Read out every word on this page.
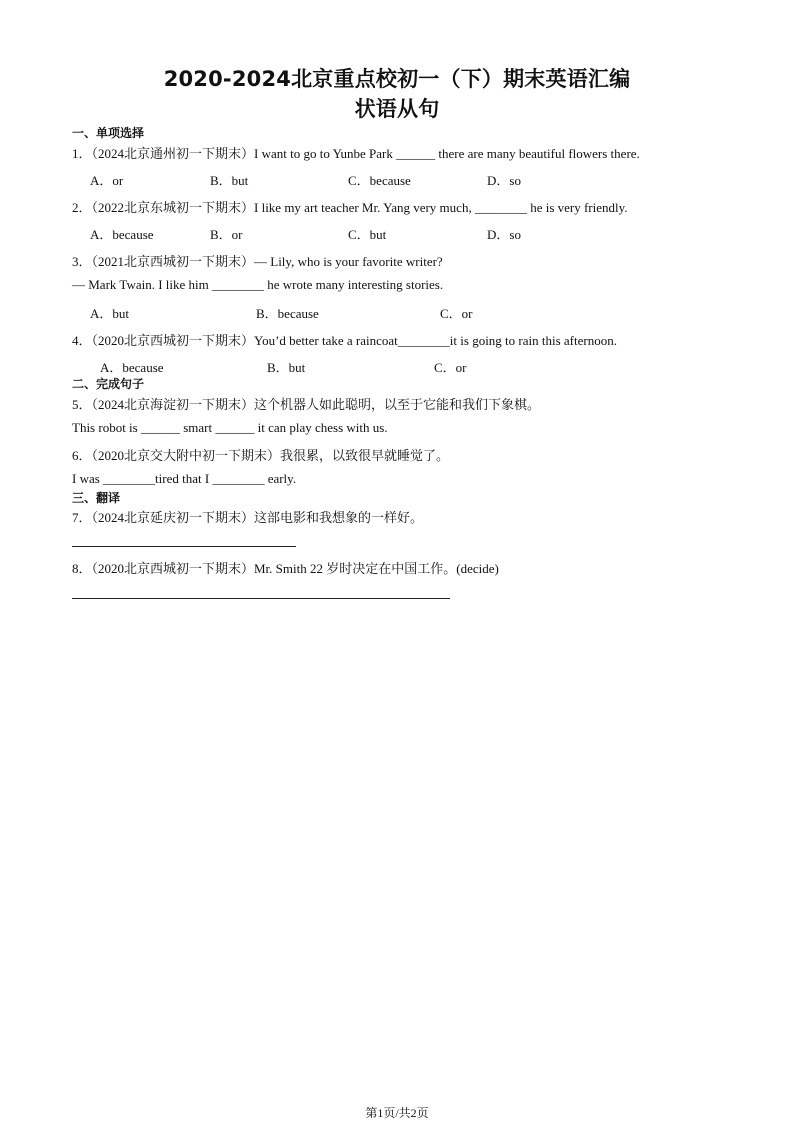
2020-2024北京重点校初一（下）期末英语汇编
状语从句
一、单项选择
1．（2024北京通州初一下期末）I want to go to Yunbe Park ______ there are many beautiful flowers there.
A．or	B．but	C．because	D．so
2．（2022北京东城初一下期末）I like my art teacher Mr. Yang very much, ________ he is very friendly.
A．because	B．or	C．but	D．so
3．（2021北京西城初一下期末）— Lily, who is your favorite writer?
— Mark Twain. I like him ________ he wrote many interesting stories.
A．but	B．because	C．or
4．（2020北京西城初一下期末）You’d better take a raincoat________it is going to rain this afternoon.
A．because	B．but	C．or
二、完成句子
5．（2024北京海淀初一下期末）这个机器人如此聪明，以至于它能和我们下象棋。
This robot is ______ smart ______ it can play chess with us.
6．（2020北京交大附中初一下期末）我很累，以致很早就睡觉了。
I was ________tired that I ________ early.
三、翻译
7．（2024北京延庆初一下期末）这部电影和我想象的一样好。
8．（2020北京西城初一下期末）Mr. Smith 22 岁时决定在中国工作。(decide)
第1页/共2页
